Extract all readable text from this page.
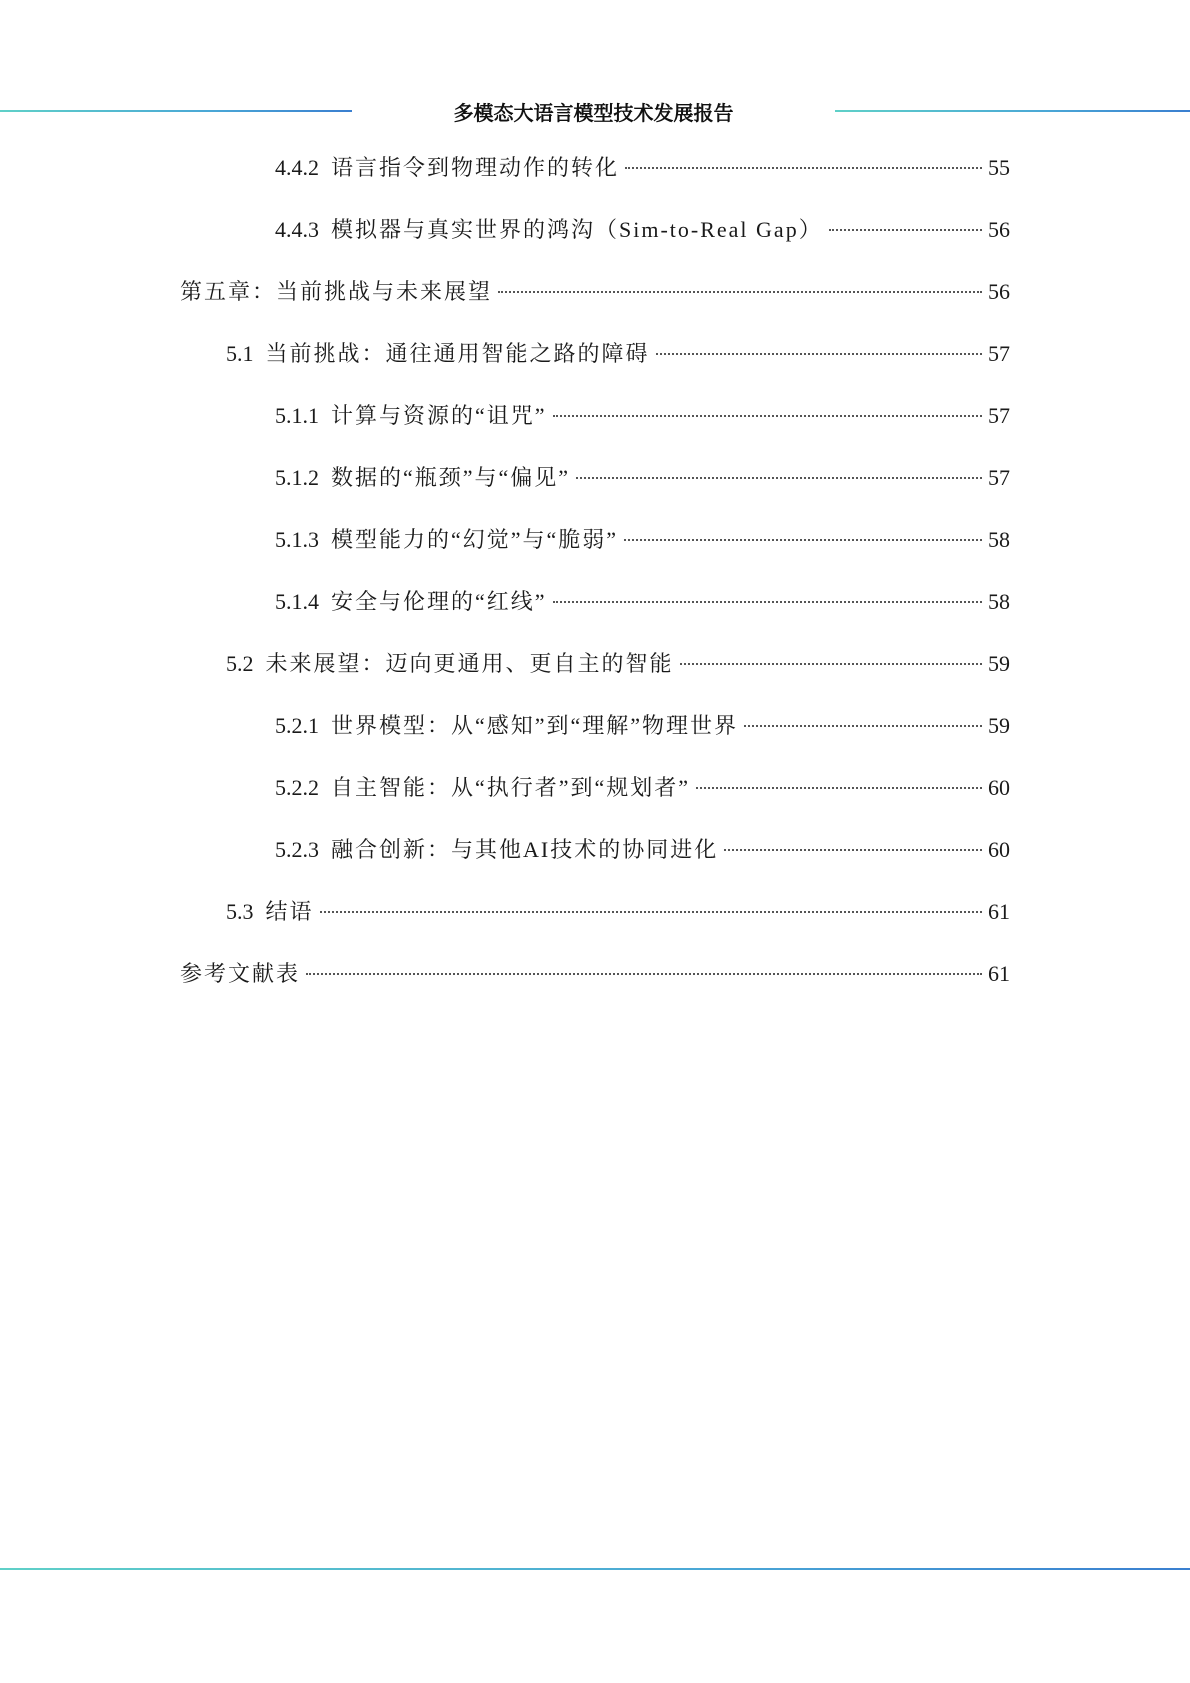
多模态大语言模型技术发展报告
4.4.2 语言指令到物理动作的转化	55
4.4.3 模拟器与真实世界的鸿沟（Sim-to-Real Gap）	56
第五章：当前挑战与未来展望	56
5.1 当前挑战：通往通用智能之路的障碍	57
5.1.1 计算与资源的“诅咒”	57
5.1.2 数据的“瓶颈”与“偏见”	57
5.1.3 模型能力的“幻觉”与“脆弱”	58
5.1.4 安全与伦理的“红线”	58
5.2 未来展望：迈向更通用、更自主的智能	59
5.2.1 世界模型：从“感知”到“理解”物理世界	59
5.2.2 自主智能：从“执行者”到“规划者”	60
5.2.3 融合创新：与其他AI技术的协同进化	60
5.3 结语	61
参考文献表	61
